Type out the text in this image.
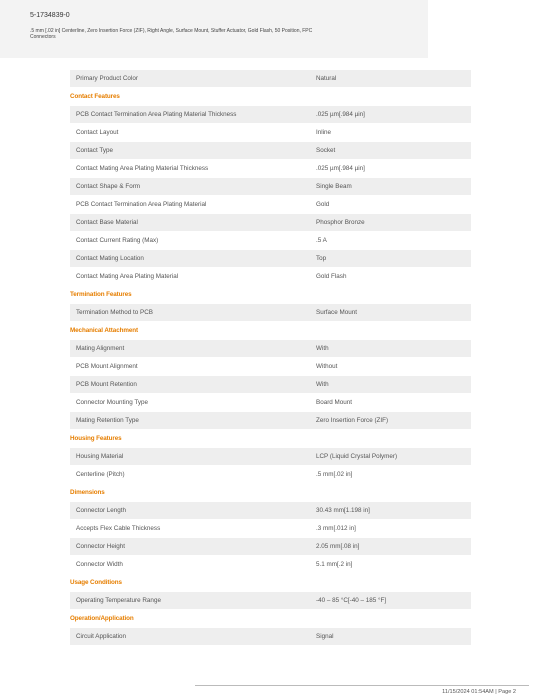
5-1734839-0
.5 mm [.02 in] Centerline, Zero Insertion Force (ZIF), Right Angle, Surface Mount, Stuffer Actuator, Gold Flash, 50 Position, FPC Connectors
Primary Product Color	Natural
Contact Features
PCB Contact Termination Area Plating Material Thickness	.025 µm[.984 µin]
Contact Layout	Inline
Contact Type	Socket
Contact Mating Area Plating Material Thickness	.025 µm[.984 µin]
Contact Shape & Form	Single Beam
PCB Contact Termination Area Plating Material	Gold
Contact Base Material	Phosphor Bronze
Contact Current Rating (Max)	.5 A
Contact Mating Location	Top
Contact Mating Area Plating Material	Gold Flash
Termination Features
Termination Method to PCB	Surface Mount
Mechanical Attachment
Mating Alignment	With
PCB Mount Alignment	Without
PCB Mount Retention	With
Connector Mounting Type	Board Mount
Mating Retention Type	Zero Insertion Force (ZIF)
Housing Features
Housing Material	LCP (Liquid Crystal Polymer)
Centerline (Pitch)	.5 mm[.02 in]
Dimensions
Connector Length	30.43 mm[1.198 in]
Accepts Flex Cable Thickness	.3 mm[.012 in]
Connector Height	2.05 mm[.08 in]
Connector Width	5.1 mm[.2 in]
Usage Conditions
Operating Temperature Range	-40 – 85 °C[-40 – 185 °F]
Operation/Application
Circuit Application	Signal
11/15/2024 01:54AM | Page 2
